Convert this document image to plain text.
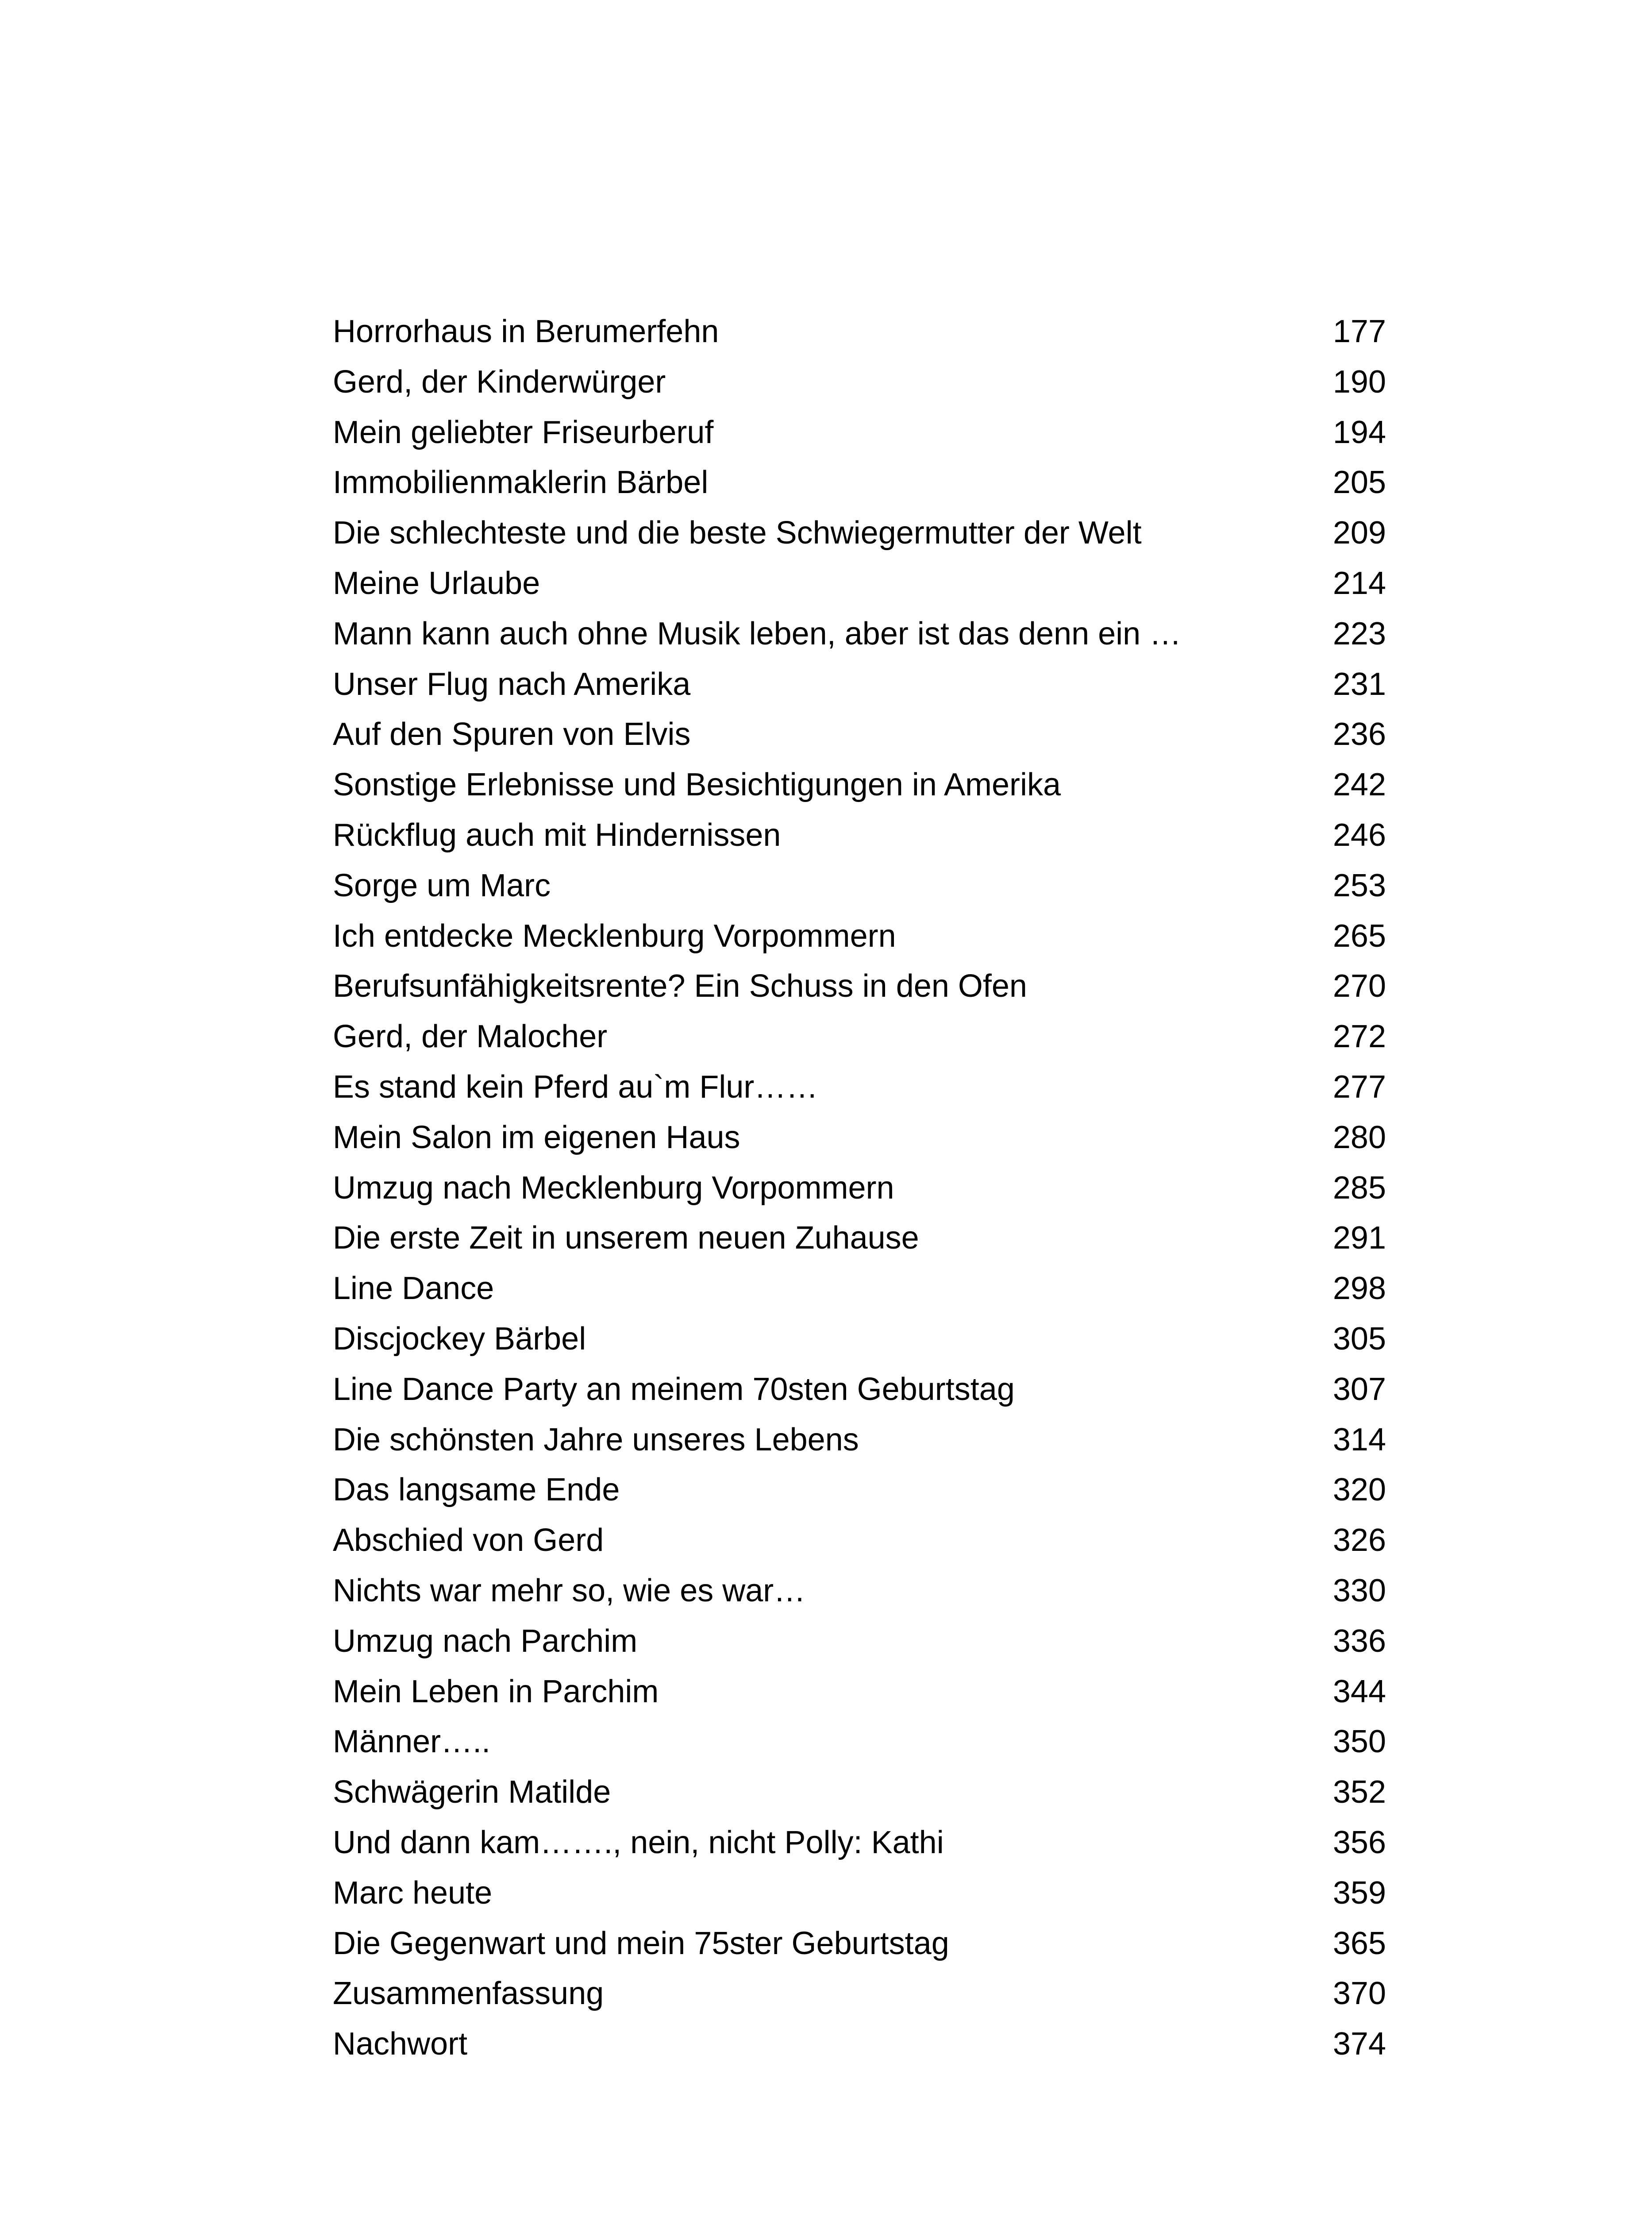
Horrorhaus in Berumerfehn	177
Gerd, der Kinderwürger	190
Mein geliebter Friseurberuf	194
Immobilienmaklerin Bärbel	205
Die schlechteste und die beste Schwiegermutter der Welt	209
Meine Urlaube	214
Mann kann auch ohne Musik leben, aber ist das denn ein …	223
Unser Flug nach Amerika	231
Auf den Spuren von Elvis	236
Sonstige Erlebnisse und Besichtigungen in Amerika	242
Rückflug auch mit Hindernissen	246
Sorge um Marc	253
Ich entdecke Mecklenburg Vorpommern	265
Berufsunfähigkeitsrente? Ein Schuss in den Ofen	270
Gerd, der Malocher	272
Es stand kein Pferd au`m Flur……	277
Mein Salon im eigenen Haus	280
Umzug nach Mecklenburg Vorpommern	285
Die erste Zeit in unserem neuen Zuhause	291
Line Dance	298
Discjockey Bärbel	305
Line Dance Party an meinem 70sten Geburtstag	307
Die schönsten Jahre unseres Lebens	314
Das langsame Ende	320
Abschied von Gerd	326
Nichts war mehr so, wie es war…	330
Umzug nach Parchim	336
Mein Leben in Parchim	344
Männer…..	350
Schwägerin Matilde	352
Und dann kam……., nein, nicht Polly: Kathi	356
Marc heute	359
Die Gegenwart und mein 75ster Geburtstag	365
Zusammenfassung	370
Nachwort	374
